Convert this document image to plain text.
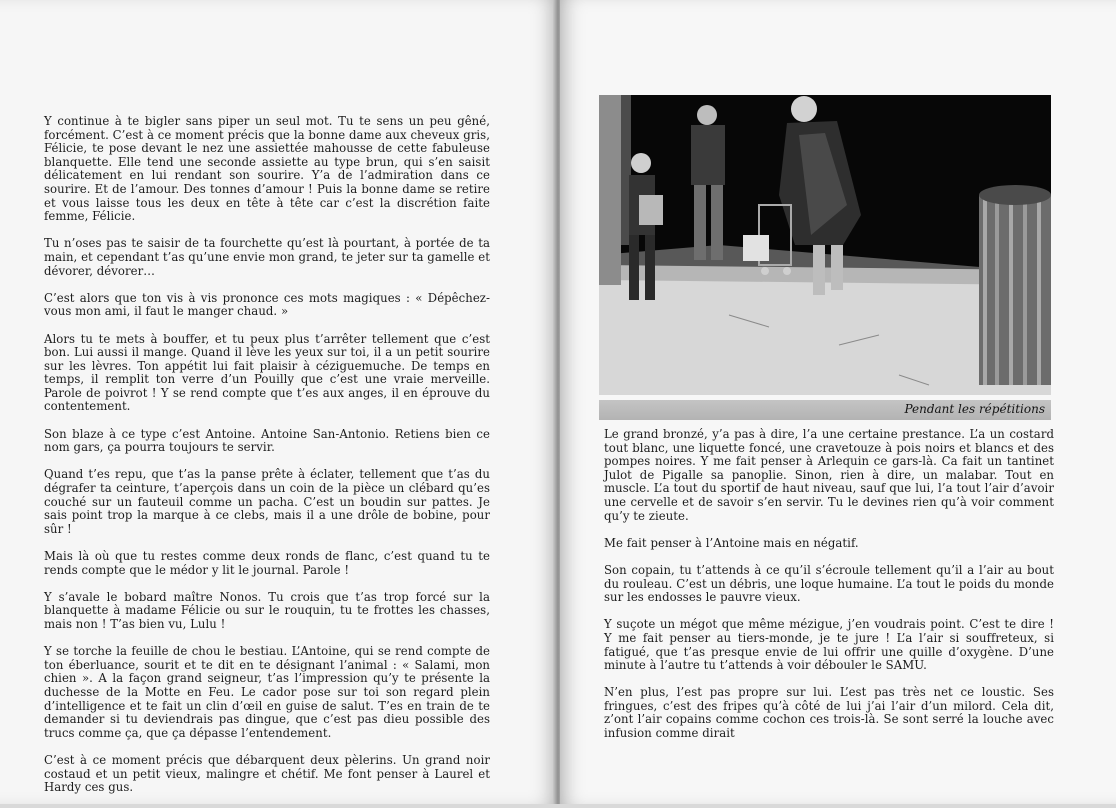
Y continue à te bigler sans piper un seul mot. Tu te sens un peu gêné, forcément. C’est à ce moment précis que la bonne dame aux cheveux gris, Félicie, te pose devant le nez une assiettée mahousse de cette fabuleuse blanquette. Elle tend une seconde assiette au type brun, qui s’en saisit délicatement en lui rendant son sourire. Y’a de l’admiration dans ce sourire. Et de l’amour. Des tonnes d’amour ! Puis la bonne dame se retire et vous laisse tous les deux en tête à tête car c’est la discrétion faite femme, Félicie.

Tu n’oses pas te saisir de ta fourchette qu’est là pourtant, à portée de ta main, et cependant t’as qu’une envie mon grand, te jeter sur ta gamelle et dévorer, dévorer…

C’est alors que ton vis à vis prononce ces mots magiques : « Dépêchez-vous mon ami, il faut le manger chaud. »

Alors tu te mets à bouffer, et tu peux plus t’arrêter tellement que c’est bon. Lui aussi il mange. Quand il lève les yeux sur toi, il a un petit sourire sur les lèvres. Ton appétit lui fait plaisir à céziguemuche. De temps en temps, il remplit ton verre d’un Pouilly que c’est une vraie merveille. Parole de poivrot ! Y se rend compte que t’es aux anges, il en éprouve du contentement.

Son blaze à ce type c’est Antoine. Antoine San-Antonio. Retiens bien ce nom gars, ça pourra toujours te servir.

Quand t’es repu, que t’as la panse prête à éclater, tellement que t’as du dégrafer ta ceinture, t’aperçois dans un coin de la pièce un clébard qu’es couché sur un fauteuil comme un pacha. C’est un boudin sur pattes. Je sais point trop la marque à ce clebs, mais il a une drôle de bobine, pour sûr !

Mais là où que tu restes comme deux ronds de flanc, c’est quand tu te rends compte que le médor y lit le journal. Parole !

Y s’avale le bobard maître Nonos. Tu crois que t’as trop forcé sur la blanquette à madame Félicie ou sur le rouquin, tu te frottes les chasses, mais non ! T’as bien vu, Lulu !

Y se torche la feuille de chou le bestiau. L’Antoine, qui se rend compte de ton éberluance, sourit et te dit en te désignant l’animal : « Salami, mon chien ». A la façon grand seigneur, t’as l’impression qu’y te présente la duchesse de la Motte en Feu. Le cador pose sur toi son regard plein d’intelligence et te fait un clin d’œil en guise de salut. T’es en train de te demander si tu deviendrais pas dingue, que c’est pas dieu possible des trucs comme ça, que ça dépasse l’entendement.

C’est à ce moment précis que débarquent deux pèlerins. Un grand noir costaud et un petit vieux, malingre et chétif. Me font penser à Laurel et Hardy ces gus.

Pendant les répétitions

Le grand bronzé, y’a pas à dire, l’a une certaine prestance. L’a un costard tout blanc, une liquette foncé, une cravetouze à pois noirs et blancs et des pompes noires. Y me fait penser à Arlequin ce gars-là. Ca fait un tantinet Julot de Pigalle sa panoplie. Sinon, rien à dire, un malabar. Tout en muscle. L’a tout du sportif de haut niveau, sauf que lui, l’a tout l’air d’avoir une cervelle et de savoir s’en servir. Tu le devines rien qu’à voir comment qu’y te zieute.

Me fait penser à l’Antoine mais en négatif.

Son copain, tu t’attends à ce qu’il s’écroule tellement qu’il a l’air au bout du rouleau. C’est un débris, une loque humaine. L’a tout le poids du monde sur les endosses le pauvre vieux.

Y suçote un mégot que même mézigue, j’en voudrais point. C’est te dire ! Y me fait penser au tiers-monde, je te jure ! L’a l’air si souffreteux, si fatigué, que t’as presque envie de lui offrir une quille d’oxygène. D’une minute à l’autre tu t’attends à voir débouler le SAMU.

N’en plus, l’est pas propre sur lui. L’est pas très net ce loustic. Ses fringues, c’est des fripes qu’à côté de lui j’ai l’air d’un milord. Cela dit, z’ont l’air copains comme cochon ces trois-là. Se sont serré la louche avec infusion comme dirait
